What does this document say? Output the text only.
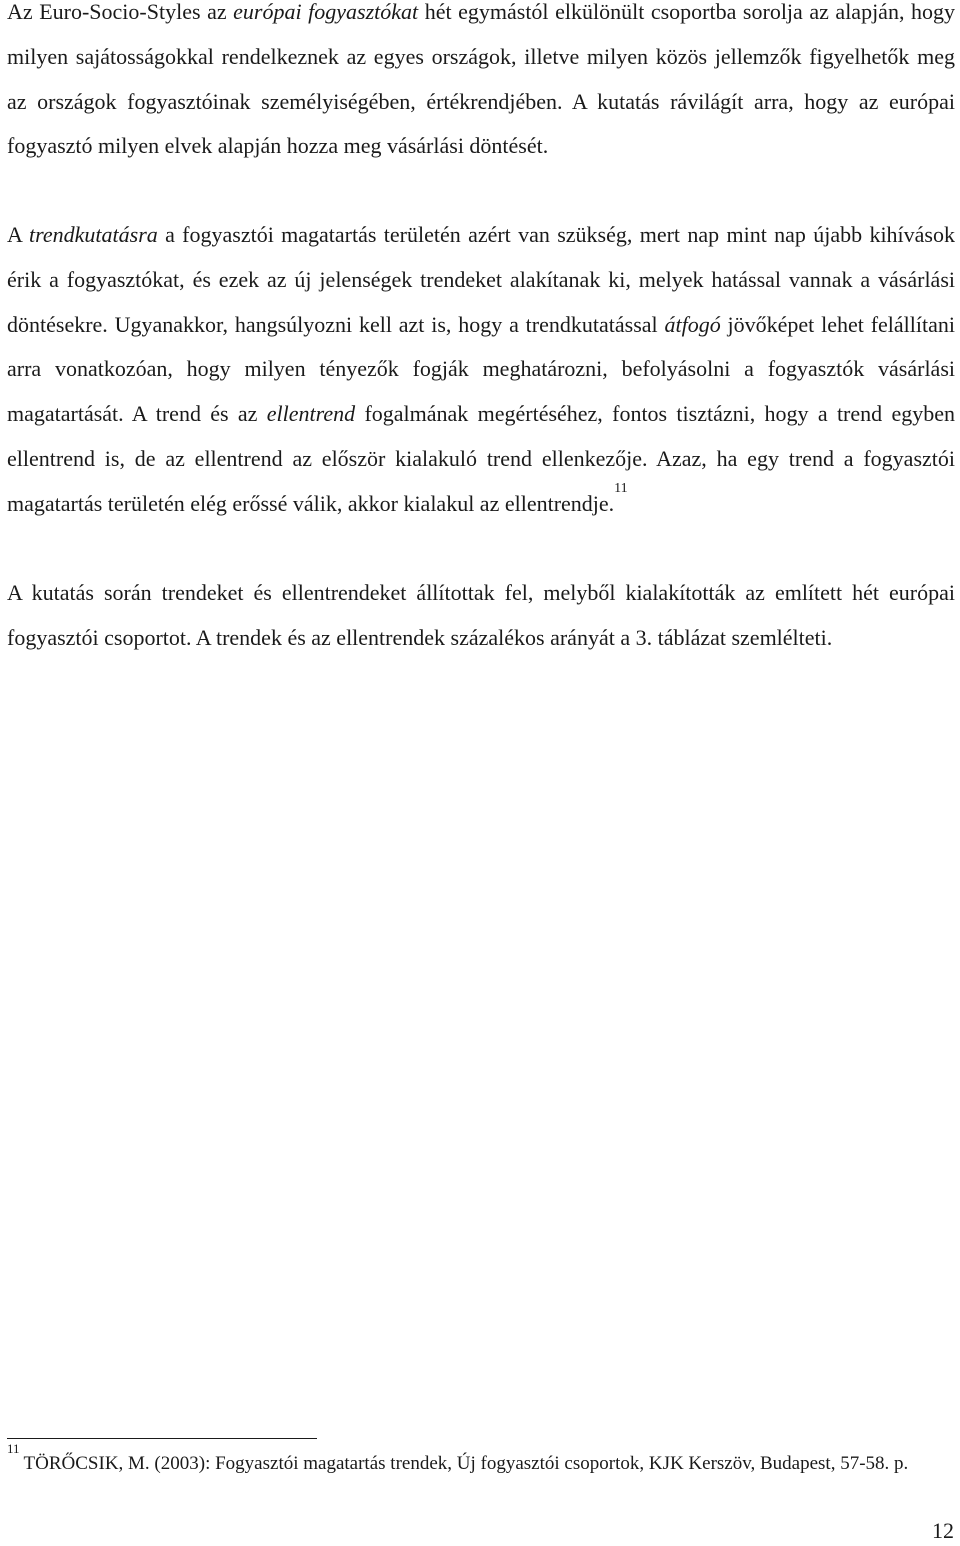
Az Euro-Socio-Styles az európai fogyasztókat hét egymástól elkülönült csoportba sorolja az alapján, hogy milyen sajátosságokkal rendelkeznek az egyes országok, illetve milyen közös jellemzők figyelhetők meg az országok fogyasztóinak személyiségében, értékrendjében. A kutatás rávilágít arra, hogy az európai fogyasztó milyen elvek alapján hozza meg vásárlási döntését.

A trendkutatásra a fogyasztói magatartás területén azért van szükség, mert nap mint nap újabb kihívások érik a fogyasztókat, és ezek az új jelenségek trendeket alakítanak ki, melyek hatással vannak a vásárlási döntésekre. Ugyanakkor, hangsúlyozni kell azt is, hogy a trendkutatással átfogó jövőképet lehet felállítani arra vonatkozóan, hogy milyen tényezők fogják meghatározni, befolyásolni a fogyasztók vásárlási magatartását. A trend és az ellentrend fogalmának megértéséhez, fontos tisztázni, hogy a trend egyben ellentrend is, de az ellentrend az először kialakuló trend ellenkezője. Azaz, ha egy trend a fogyasztói magatartás területén elég erőssé válik, akkor kialakul az ellentrendje.$^{11}$

A kutatás során trendeket és ellentrendeket állítottak fel, melyből kialakították az említett hét európai fogyasztói csoportot. A trendek és az ellentrendek százalékos arányát a 3. táblázat szemlélteti.

$^{11}$TÖRŐCSIK, M. (2003): Fogyasztói magatartás trendek, Új fogyasztói csoportok, KJK Kerszöv, Budapest, 57-58. p.

12
